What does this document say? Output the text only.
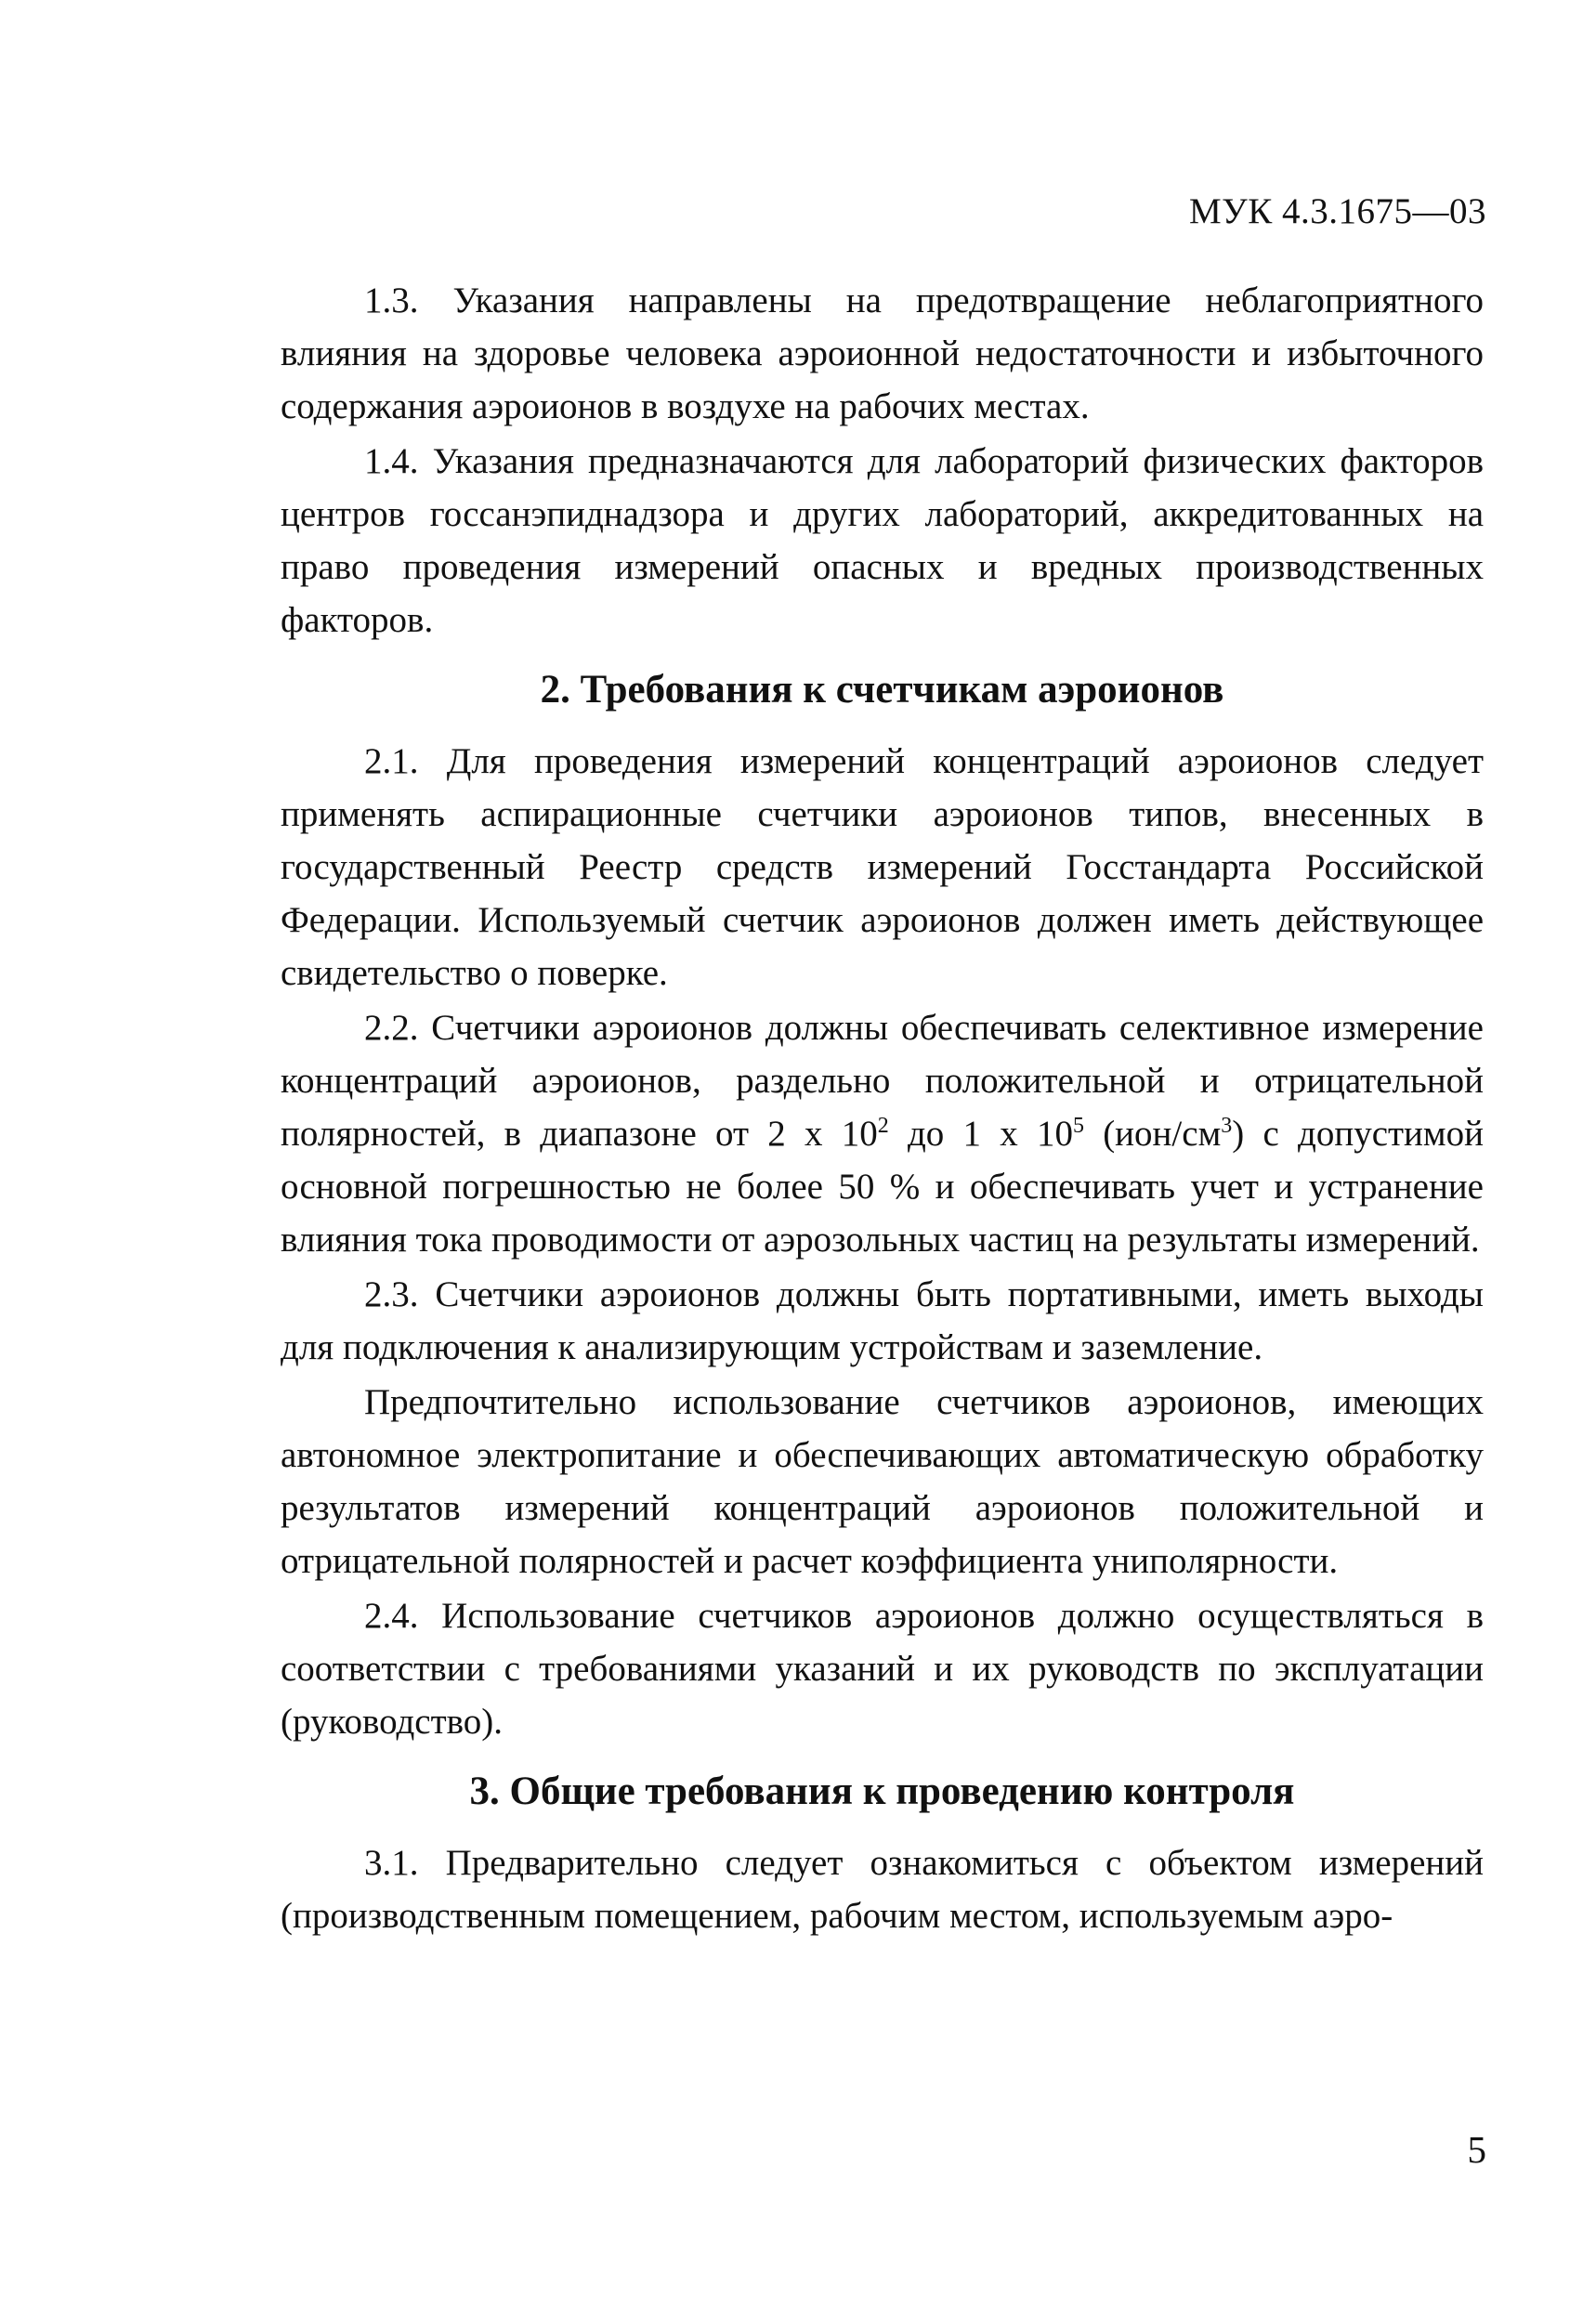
МУК 4.3.1675—03

1.3. Указания направлены на предотвращение неблагоприятного влияния на здоровье человека аэроионной недостаточности и избыточного содержания аэроионов в воздухе на рабочих местах.

1.4. Указания предназначаются для лабораторий физических факторов центров госсанэпиднадзора и других лабораторий, аккредитованных на право проведения измерений опасных и вредных производственных факторов.

2. Требования к счетчикам аэроионов

2.1. Для проведения измерений концентраций аэроионов следует применять аспирационные счетчики аэроионов типов, внесенных в государственный Реестр средств измерений Госстандарта Российской Федерации. Используемый счетчик аэроионов должен иметь действующее свидетельство о поверке.

2.2. Счетчики аэроионов должны обеспечивать селективное измерение концентраций аэроионов, раздельно положительной и отрицательной полярностей, в диапазоне от 2 х $10^2$ до 1 х $10^5$ $(ион/см^3)$ с допустимой основной погрешностью не более 50 % и обеспечивать учет и устранение влияния тока проводимости от аэрозольных частиц на результаты измерений.

2.3. Счетчики аэроионов должны быть портативными, иметь выходы для подключения к анализирующим устройствам и заземление.

Предпочтительно использование счетчиков аэроионов, имеющих автономное электропитание и обеспечивающих автоматическую обработку результатов измерений концентраций аэроионов положительной и отрицательной полярностей и расчет коэффициента униполярности.

2.4. Использование счетчиков аэроионов должно осуществляться в соответствии с требованиями указаний и их руководств по эксплуатации (руководство).

3. Общие требования к проведению контроля

3.1. Предварительно следует ознакомиться с объектом измерений (производственным помещением, рабочим местом, используемым аэро-

5
